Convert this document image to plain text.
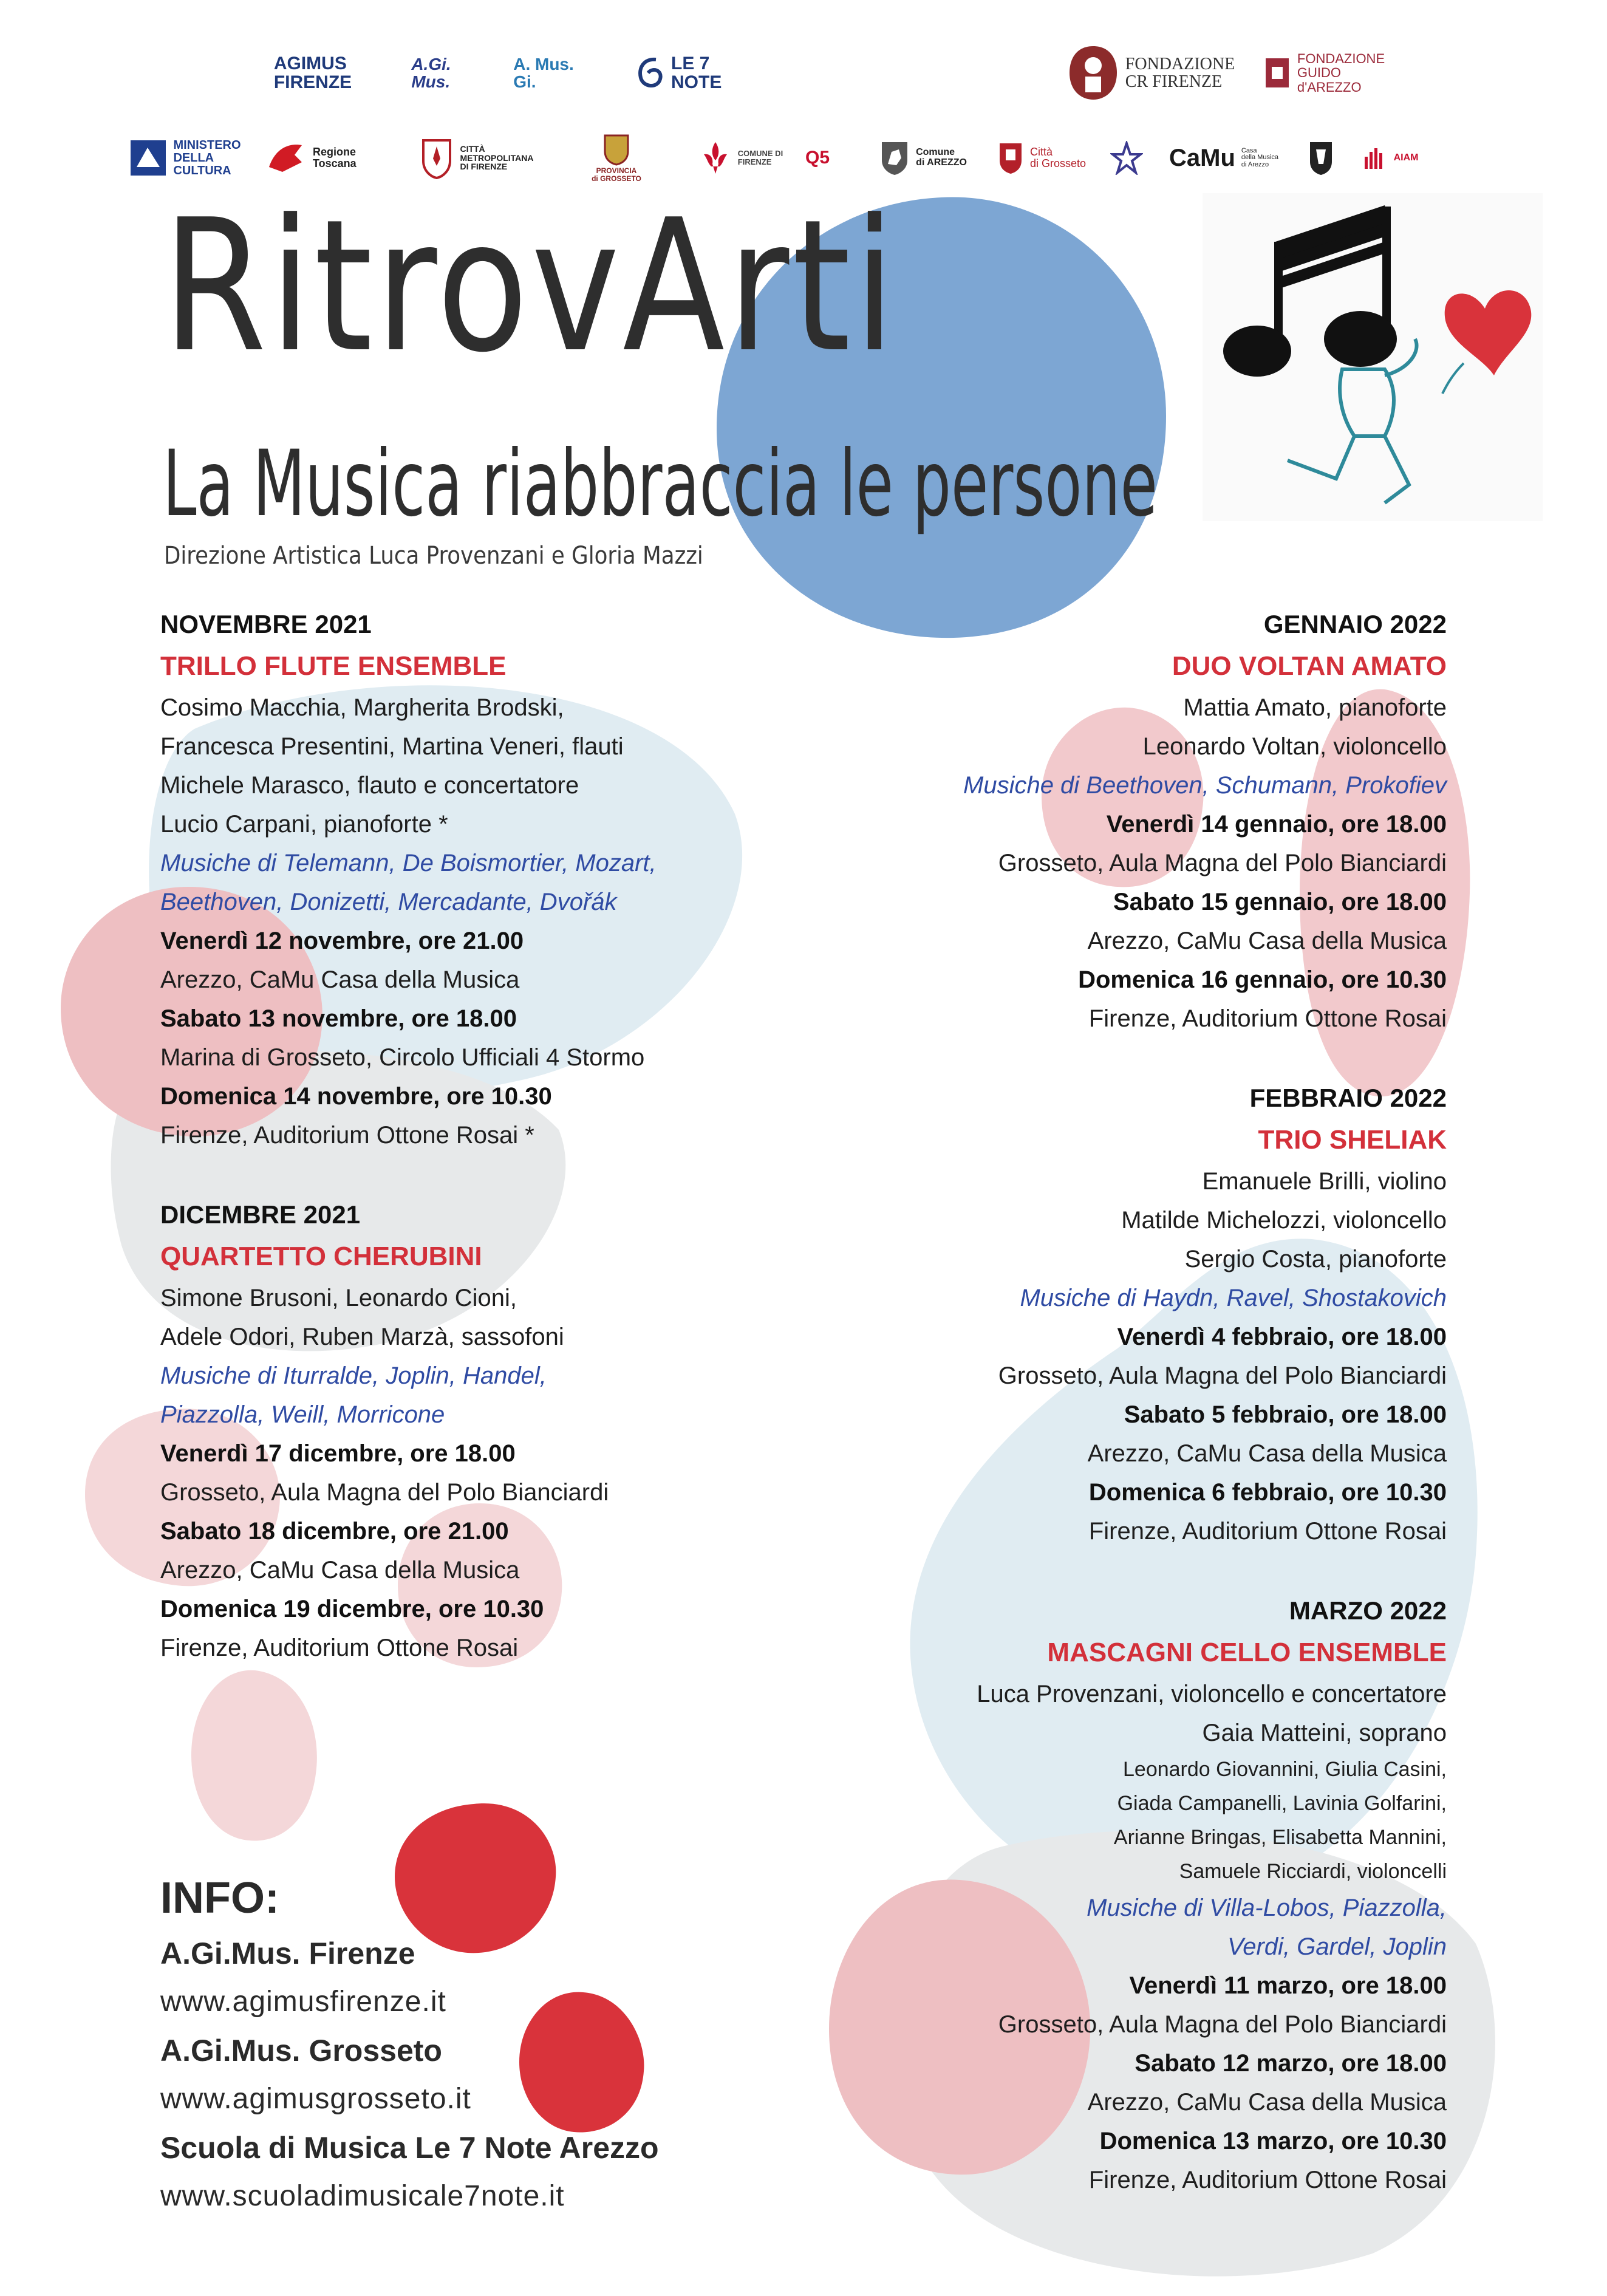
AGIMUS
FIRENZE
A.Gi.
Mus.
A. Mus.
Gi.
LE 7 NOTE
FONDAZIONE
CR FIRENZE
FONDAZIONE
GUIDO
d'AREZZO
MINISTERO
DELLA
CULTURA
Regione Toscana
CITTÀ
METROPOLITANA
DI FIRENZE	PROVINCIA
di GROSSETO
COMUNE DI
FIRENZE	Q5	Comune
di AREZZO
Città
di Grosseto	CaMu Casa
della Musica
di Arezzo
AIAM
RitrovArti
La Musica riabbraccia le persone

Direzione Artistica Luca Provenzani e Gloria Mazzi

NOVEMBRE 2021
TRILLO FLUTE ENSEMBLE
Cosimo Macchia, Margherita Brodski,
Francesca Presentini, Martina Veneri, flauti
Michele Marasco, flauto e concertatore
Lucio Carpani, pianoforte *
Musiche di Telemann, De Boismortier, Mozart,
Beethoven, Donizetti, Mercadante, Dvořák
Venerdì 12 novembre, ore 21.00
Arezzo, CaMu Casa della Musica
Sabato 13 novembre, ore 18.00
Marina di Grosseto, Circolo Ufficiali 4 Stormo
Domenica 14 novembre, ore 10.30
Firenze, Auditorium Ottone Rosai *
DICEMBRE 2021
QUARTETTO CHERUBINI
Simone Brusoni, Leonardo Cioni,
Adele Odori, Ruben Marzà, sassofoni
Musiche di Iturralde, Joplin, Handel,
Piazzolla, Weill, Morricone
Venerdì 17 dicembre, ore 18.00
Grosseto, Aula Magna del Polo Bianciardi
Sabato 18 dicembre, ore 21.00
Arezzo, CaMu Casa della Musica
Domenica 19 dicembre, ore 10.30
Firenze, Auditorium Ottone Rosai
GENNAIO 2022
DUO VOLTAN AMATO
Mattia Amato, pianoforte
Leonardo Voltan, violoncello
Musiche di Beethoven, Schumann, Prokofiev
Venerdì 14 gennaio, ore 18.00
Grosseto, Aula Magna del Polo Bianciardi
Sabato 15 gennaio, ore 18.00
Arezzo, CaMu Casa della Musica
Domenica 16 gennaio, ore 10.30
Firenze, Auditorium Ottone Rosai
FEBBRAIO 2022
TRIO SHELIAK
Emanuele Brilli, violino
Matilde Michelozzi, violoncello
Sergio Costa, pianoforte
Musiche di Haydn, Ravel, Shostakovich
Venerdì 4 febbraio, ore 18.00
Grosseto, Aula Magna del Polo Bianciardi
Sabato 5 febbraio, ore 18.00
Arezzo, CaMu Casa della Musica
Domenica 6 febbraio, ore 10.30
Firenze, Auditorium Ottone Rosai
MARZO 2022
MASCAGNI CELLO ENSEMBLE
Luca Provenzani, violoncello e concertatore
Gaia Matteini, soprano
Leonardo Giovannini, Giulia Casini,
Giada Campanelli, Lavinia Golfarini,
Arianne Bringas, Elisabetta Mannini,
Samuele Ricciardi, violoncelli
Musiche di Villa-Lobos, Piazzolla,
Verdi, Gardel, Joplin
Venerdì 11 marzo, ore 18.00
Grosseto, Aula Magna del Polo Bianciardi
Sabato 12 marzo, ore 18.00
Arezzo, CaMu Casa della Musica
Domenica 13 marzo, ore 10.30
Firenze, Auditorium Ottone Rosai
INFO:
A.Gi.Mus. Firenze
www.agimusfirenze.it
A.Gi.Mus. Grosseto
www.agimusgrosseto.it
Scuola di Musica Le 7 Note Arezzo
www.scuoladimusicale7note.it
